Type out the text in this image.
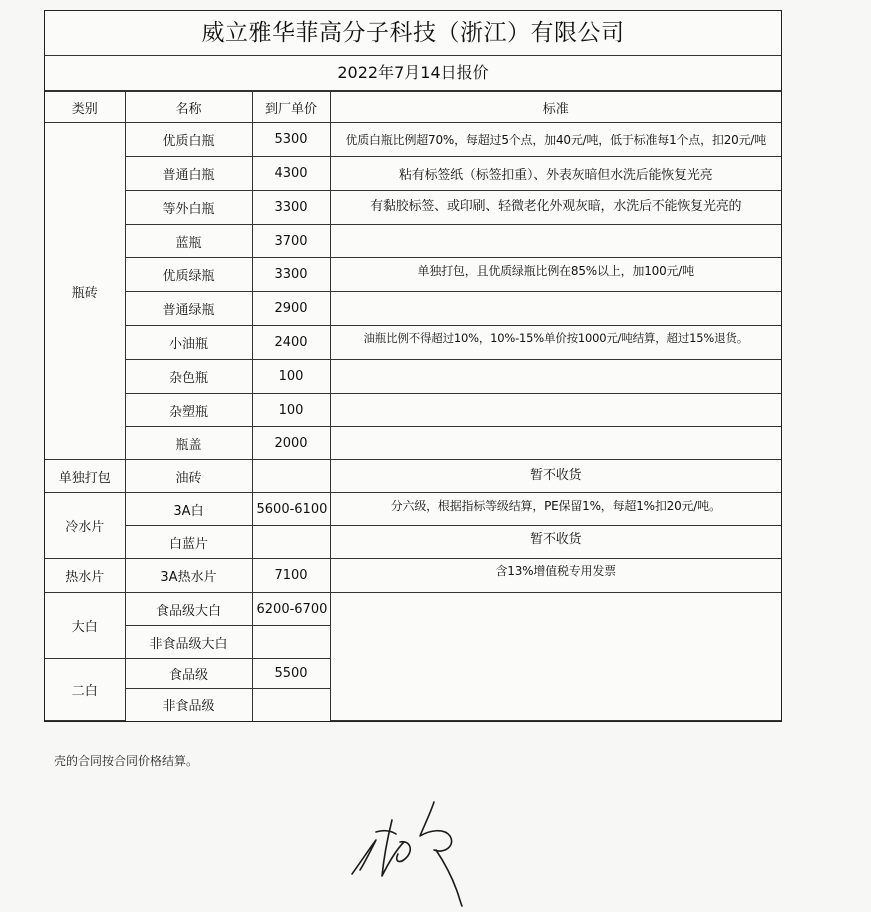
威立雅华菲高分子科技（浙江）有限公司
2022年7月14日报价
类别	名称	到厂单价	标准
瓶砖	优质白瓶	5300	优质白瓶比例超70%，每超过5个点，加40元/吨，低于标准每1个点，扣20元/吨
	普通白瓶	4300	粘有标签纸（标签扣重）、外表灰暗但水洗后能恢复光亮
	等外白瓶	3300	有黏胶标签、或印刷、轻微老化外观灰暗，水洗后不能恢复光亮的
	蓝瓶	3700	
	优质绿瓶	3300	单独打包，且优质绿瓶比例在85%以上，加100元/吨
	普通绿瓶	2900	
	小油瓶	2400	油瓶比例不得超过10%，10%-15%单价按1000元/吨结算，超过15%退货。
	杂色瓶	100	
	杂塑瓶	100	
	瓶盖	2000	
单独打包	油砖		暂不收货
冷水片	3A白	5600-6100	分六级，根据指标等级结算，PE保留1%，每超1%扣20元/吨。
	白蓝片		暂不收货
热水片	3A热水片	7100	含13%增值税专用发票
大白	食品级大白	6200-6700	
	非食品级大白		
二白	食品级	5500	
	非食品级		
壳的合同按合同价格结算。
